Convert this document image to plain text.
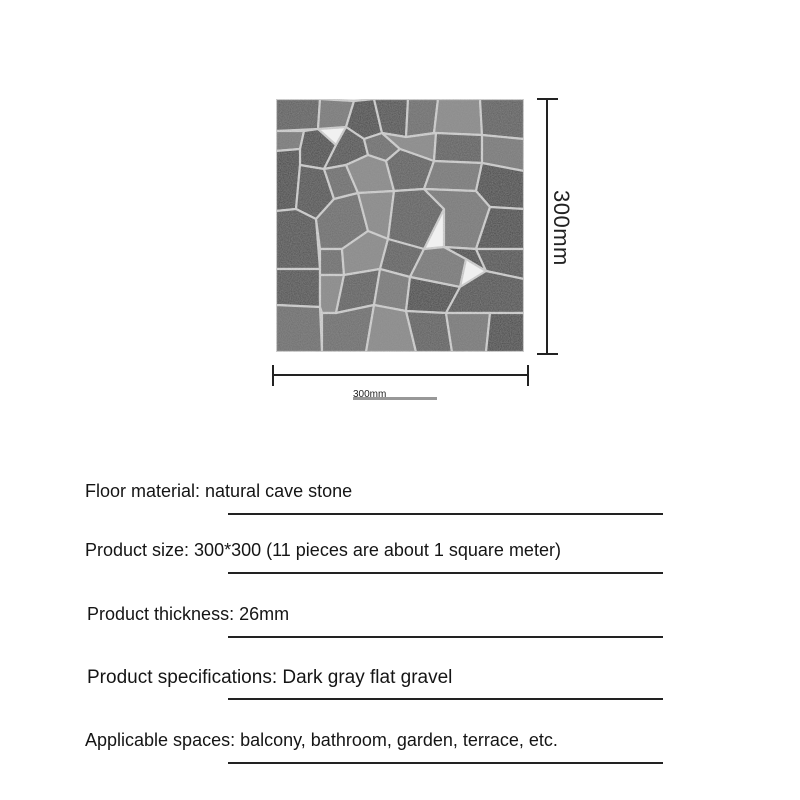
300mm
300mm
Floor material: natural cave stone
Product size: 300*300 (11 pieces are about 1 square meter)
Product thickness: 26mm
Product specifications: Dark gray flat gravel
Applicable spaces: balcony, bathroom, garden, terrace, etc.
